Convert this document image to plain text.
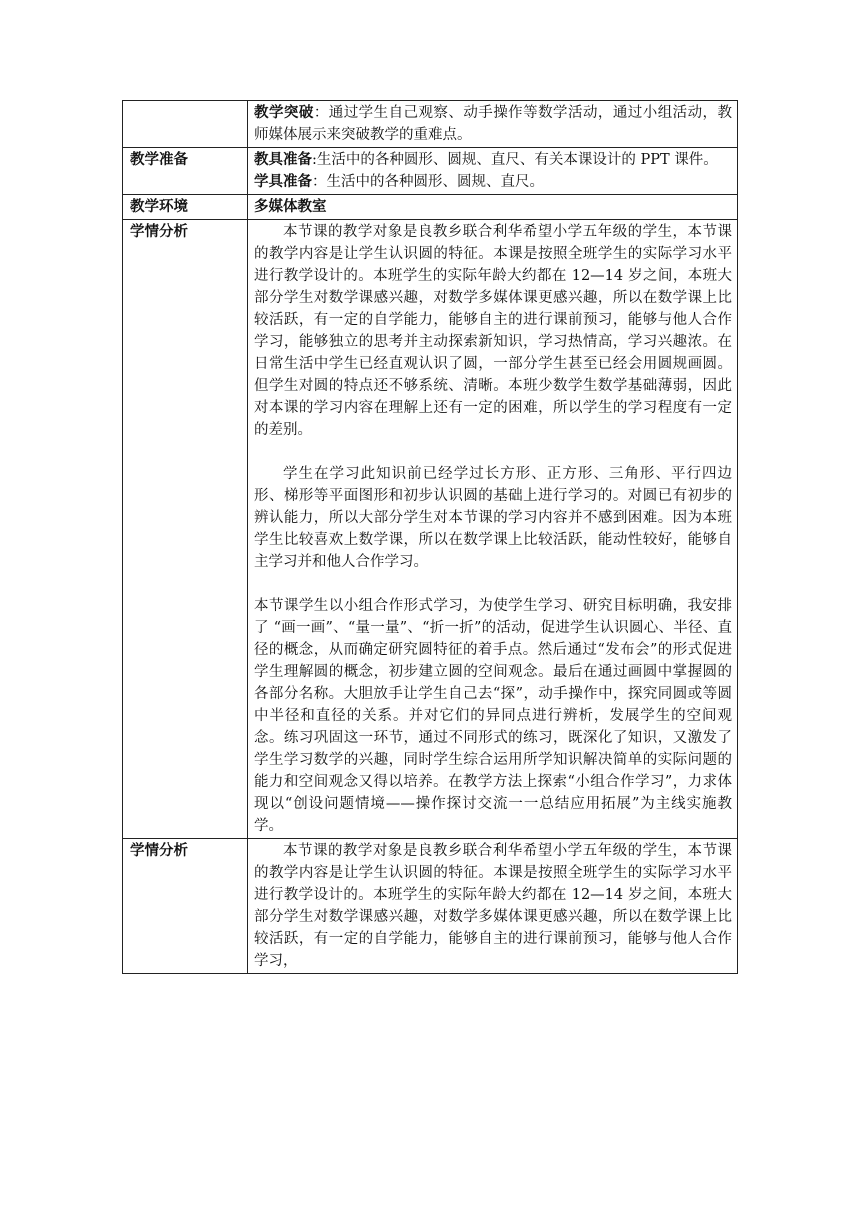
	教学突破：通过学生自己观察、动手操作等数学活动，通过小组活动，教师媒体展示来突破教学的重难点。

教学准备	教具准备:生活中的各种圆形、圆规、直尺、有关本课设计的 PPT 课件。

学具准备：生活中的各种圆形、圆规、直尺。

教学环境	多媒体教室

学情分析	本节课的教学对象是良教乡联合利华希望小学五年级的学生，本节课的教学内容是让学生认识圆的特征。本课是按照全班学生的实际学习水平进行教学设计的。本班学生的实际年龄大约都在 12—14 岁之间，本班大部分学生对数学课感兴趣，对数学多媒体课更感兴趣，所以在数学课上比较活跃，有一定的自学能力，能够自主的进行课前预习，能够与他人合作学习，能够独立的思考并主动探索新知识，学习热情高，学习兴趣浓。在日常生活中学生已经直观认识了圆，一部分学生甚至已经会用圆规画圆。但学生对圆的特点还不够系统、清晰。本班少数学生数学基础薄弱，因此对本课的学习内容在理解上还有一定的困难，所以学生的学习程度有一定的差别。

学生在学习此知识前已经学过长方形、正方形、三角形、平行四边形、梯形等平面图形和初步认识圆的基础上进行学习的。对圆已有初步的辨认能力，所以大部分学生对本节课的学习内容并不感到困难。因为本班学生比较喜欢上数学课，所以在数学课上比较活跃，能动性较好，能够自主学习并和他人合作学习。

本节课学生以小组合作形式学习，为使学生学习、研究目标明确，我安排了 “画一画”、“量一量”、“折一折”的活动，促进学生认识圆心、半径、直径的概念，从而确定研究圆特征的着手点。然后通过“发布会”的形式促进学生理解圆的概念，初步建立圆的空间观念。最后在通过画圆中掌握圆的各部分名称。大胆放手让学生自己去“探”，动手操作中，探究同圆或等圆中半径和直径的关系。并对它们的异同点进行辨析，发展学生的空间观念。练习巩固这一环节，通过不同形式的练习，既深化了知识，又激发了学生学习数学的兴趣，同时学生综合运用所学知识解决简单的实际问题的能力和空间观念又得以培养。在教学方法上探索“小组合作学习”，力求体现以“创设问题情境——操作探讨交流一一总结应用拓展”为主线实施教学。

学情分析	本节课的教学对象是良教乡联合利华希望小学五年级的学生，本节课的教学内容是让学生认识圆的特征。本课是按照全班学生的实际学习水平进行教学设计的。本班学生的实际年龄大约都在 12—14 岁之间，本班大部分学生对数学课感兴趣，对数学多媒体课更感兴趣，所以在数学课上比较活跃，有一定的自学能力，能够自主的进行课前预习，能够与他人合作学习，
